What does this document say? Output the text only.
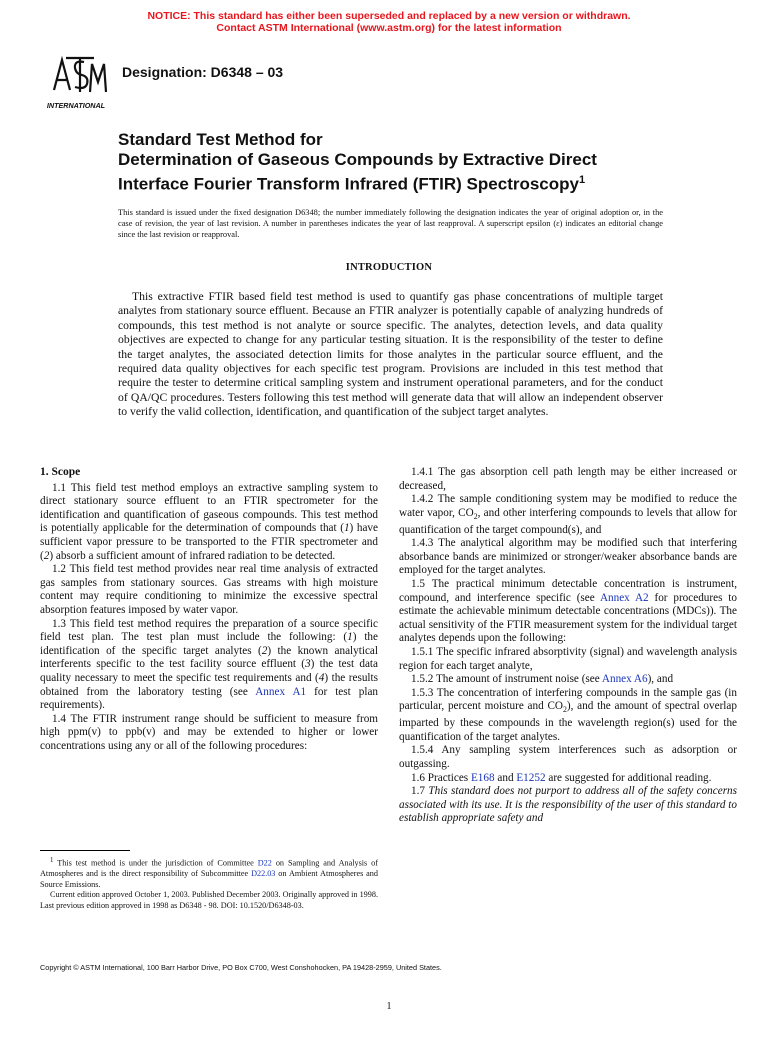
NOTICE: This standard has either been superseded and replaced by a new version or withdrawn.
Contact ASTM International (www.astm.org) for the latest information
INTERNATIONAL
Designation: D6348 – 03
Standard Test Method for
Determination of Gaseous Compounds by Extractive Direct
Interface Fourier Transform Infrared (FTIR) Spectroscopy$^1$
This standard is issued under the fixed designation D6348; the number immediately following the designation indicates the year of original adoption or, in the case of revision, the year of last revision. A number in parentheses indicates the year of last reapproval. A superscript epsilon (ε) indicates an editorial change since the last revision or reapproval.
INTRODUCTION
This extractive FTIR based field test method is used to quantify gas phase concentrations of multiple target analytes from stationary source effluent. Because an FTIR analyzer is potentially capable of analyzing hundreds of compounds, this test method is not analyte or source specific. The analytes, detection levels, and data quality objectives are expected to change for any particular testing situation. It is the responsibility of the tester to define the target analytes, the associated detection limits for those analytes in the particular source effluent, and the required data quality objectives for each specific test program. Provisions are included in this test method that require the tester to determine critical sampling system and instrument operational parameters, and for the conduct of QA/QC procedures. Testers following this test method will generate data that will allow an independent observer to verify the valid collection, identification, and quantification of the subject target analytes.
1. Scope

1.1 This field test method employs an extractive sampling system to direct stationary source effluent to an FTIR spectrometer for the identification and quantification of gaseous compounds. This test method is potentially applicable for the determination of compounds that (1) have sufficient vapor pressure to be transported to the FTIR spectrometer and (2) absorb a sufficient amount of infrared radiation to be detected.

1.2 This field test method provides near real time analysis of extracted gas samples from stationary sources. Gas streams with high moisture content may require conditioning to minimize the excessive spectral absorption features imposed by water vapor.

1.3 This field test method requires the preparation of a source specific field test plan. The test plan must include the following: (1) the identification of the specific target analytes (2) the known analytical interferents specific to the test facility source effluent (3) the test data quality necessary to meet the specific test requirements and (4) the results obtained from the laboratory testing (see Annex A1 for test plan requirements).

1.4 The FTIR instrument range should be sufficient to measure from high ppm(v) to ppb(v) and may be extended to higher or lower concentrations using any or all of the following procedures:

1.4.1 The gas absorption cell path length may be either increased or decreased,

1.4.2 The sample conditioning system may be modified to reduce the water vapor, $CO_2$, and other interfering compounds to levels that allow for quantification of the target compound(s), and

1.4.3 The analytical algorithm may be modified such that interfering absorbance bands are minimized or stronger/weaker absorbance bands are employed for the target analytes.

1.5 The practical minimum detectable concentration is instrument, compound, and interference specific (see Annex A2 for procedures to estimate the achievable minimum detectable concentrations (MDCs)). The actual sensitivity of the FTIR measurement system for the individual target analytes depends upon the following:

1.5.1 The specific infrared absorptivity (signal) and wavelength analysis region for each target analyte,

1.5.2 The amount of instrument noise (see Annex A6), and

1.5.3 The concentration of interfering compounds in the sample gas (in particular, percent moisture and $CO_2$), and the amount of spectral overlap imparted by these compounds in the wavelength region(s) used for the quantification of the target analytes.

1.5.4 Any sampling system interferences such as adsorption or outgassing.

1.6 Practices E168 and E1252 are suggested for additional reading.

1.7 This standard does not purport to address all of the safety concerns associated with its use. It is the responsibility of the user of this standard to establish appropriate safety and

$^1$ This test method is under the jurisdiction of Committee D22 on Sampling and Analysis of Atmospheres and is the direct responsibility of Subcommittee D22.03 on Ambient Atmospheres and Source Emissions.

Current edition approved October 1, 2003. Published December 2003. Originally approved in 1998. Last previous edition approved in 1998 as D6348 - 98. DOI: 10.1520/D6348-03.

Copyright © ASTM International, 100 Barr Harbor Drive, PO Box C700, West Conshohocken, PA 19428-2959, United States.
1
